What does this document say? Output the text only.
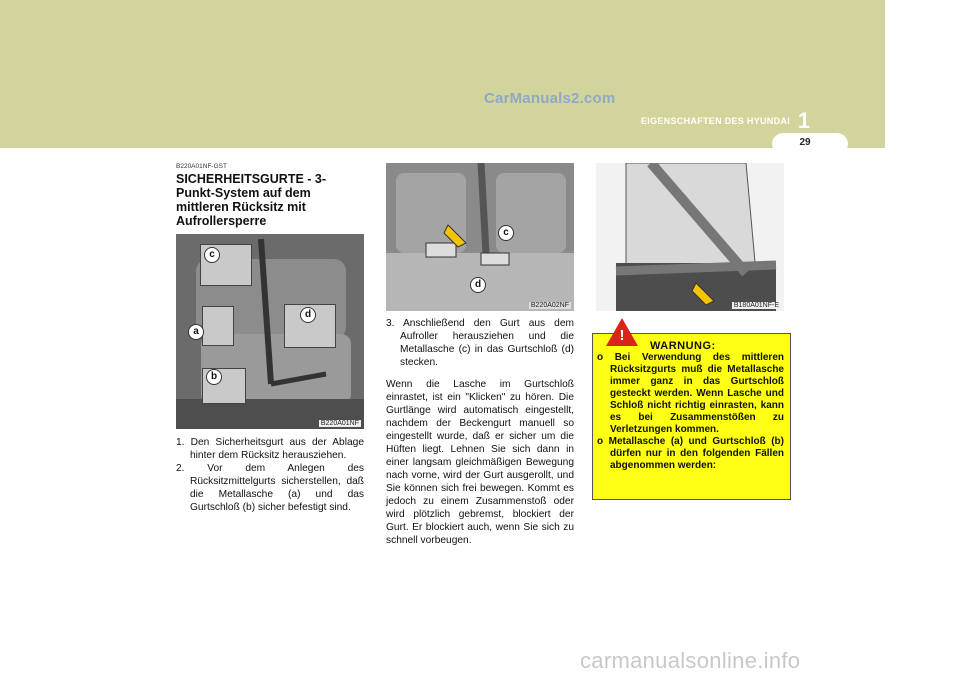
CarManuals2.com
1
EIGENSCHAFTEN DES HYUNDAI
29
B220A01NF-GST
SICHERHEITSGURTE - 3-Punkt-System auf dem mittleren Rücksitz mit Aufrollersperre
c
a
d
b
B220A01NF
1. Den Sicherheitsgurt aus der Ablage hinter dem Rücksitz herausziehen.
2. Vor dem Anlegen des Rücksitzmittelgurts sicherstellen, daß die Metallasche (a) und das Gurtschloß (b) sicher befestigt sind.
c
d
B220A02NF
3. Anschließend den Gurt aus dem Aufroller herausziehen und die Metallasche (c) in das Gurtschloß (d) stecken.

Wenn die Lasche im Gurtschloß einrastet, ist ein "Klicken" zu hören. Die Gurtlänge wird automatisch eingestellt, nachdem der Beckengurt manuell so eingestellt wurde, daß er sicher um die Hüften liegt. Lehnen Sie sich dann in einer langsam gleichmäßigen Bewegung nach vorne, wird der Gurt ausgerollt, und Sie können sich frei bewegen. Kommt es jedoch zu einem Zusammenstoß oder wird plötzlich gebremst, blockiert der Gurt. Er blockiert auch, wenn Sie sich zu schnell vorbeugen.

B180A01NF-E
!
WARNUNG:
o Bei Verwendung des mittleren Rücksitzgurts muß die Metallasche immer ganz in das Gurtschloß gesteckt werden. Wenn Lasche und Schloß nicht richtig einrasten, kann es bei Zusammenstößen zu Verletzungen kommen.
o Metallasche (a) und Gurtschloß (b) dürfen nur in den folgenden Fällen abgenommen werden:
carmanualsonline.info
